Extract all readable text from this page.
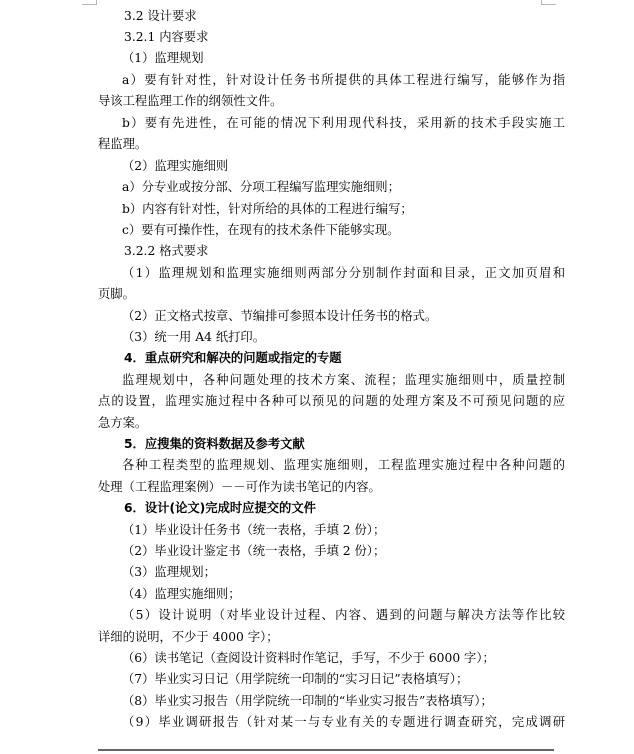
3.2 设计要求
3.2.1 内容要求
（1）监理规划
a）要有针对性，针对设计任务书所提供的具体工程进行编写，能够作为指
导该工程监理工作的纲领性文件。
b）要有先进性，在可能的情况下利用现代科技，采用新的技术手段实施工
程监理。
（2）监理实施细则
a）分专业或按分部、分项工程编写监理实施细则；
b）内容有针对性，针对所给的具体的工程进行编写；
c）要有可操作性，在现有的技术条件下能够实现。
3.2.2 格式要求
（1）监理规划和监理实施细则两部分分别制作封面和目录，正文加页眉和
页脚。
（2）正文格式按章、节编排可参照本设计任务书的格式。
（3）统一用 A4 纸打印。
4．重点研究和解决的问题或指定的专题
监理规划中，各种问题处理的技术方案、流程；监理实施细则中，质量控制
点的设置，监理实施过程中各种可以预见的问题的处理方案及不可预见问题的应
急方案。
5．应搜集的资料数据及参考文献
各种工程类型的监理规划、监理实施细则，工程监理实施过程中各种问题的
处理（工程监理案例）－－可作为读书笔记的内容。
6．设计(论文)完成时应提交的文件
（1）毕业设计任务书（统一表格，手填 2 份）；
（2）毕业设计鉴定书（统一表格，手填 2 份）；
（3）监理规划；
（4）监理实施细则；
（5）设计说明（对毕业设计过程、内容、遇到的问题与解决方法等作比较
详细的说明，不少于 4000 字）；
（6）读书笔记（查阅设计资料时作笔记，手写，不少于 6000 字）；
（7）毕业实习日记（用学院统一印制的“实习日记”表格填写）；
（8）毕业实习报告（用学院统一印制的“毕业实习报告”表格填写）；
（9）毕业调研报告（针对某一与专业有关的专题进行调查研究，完成调研
